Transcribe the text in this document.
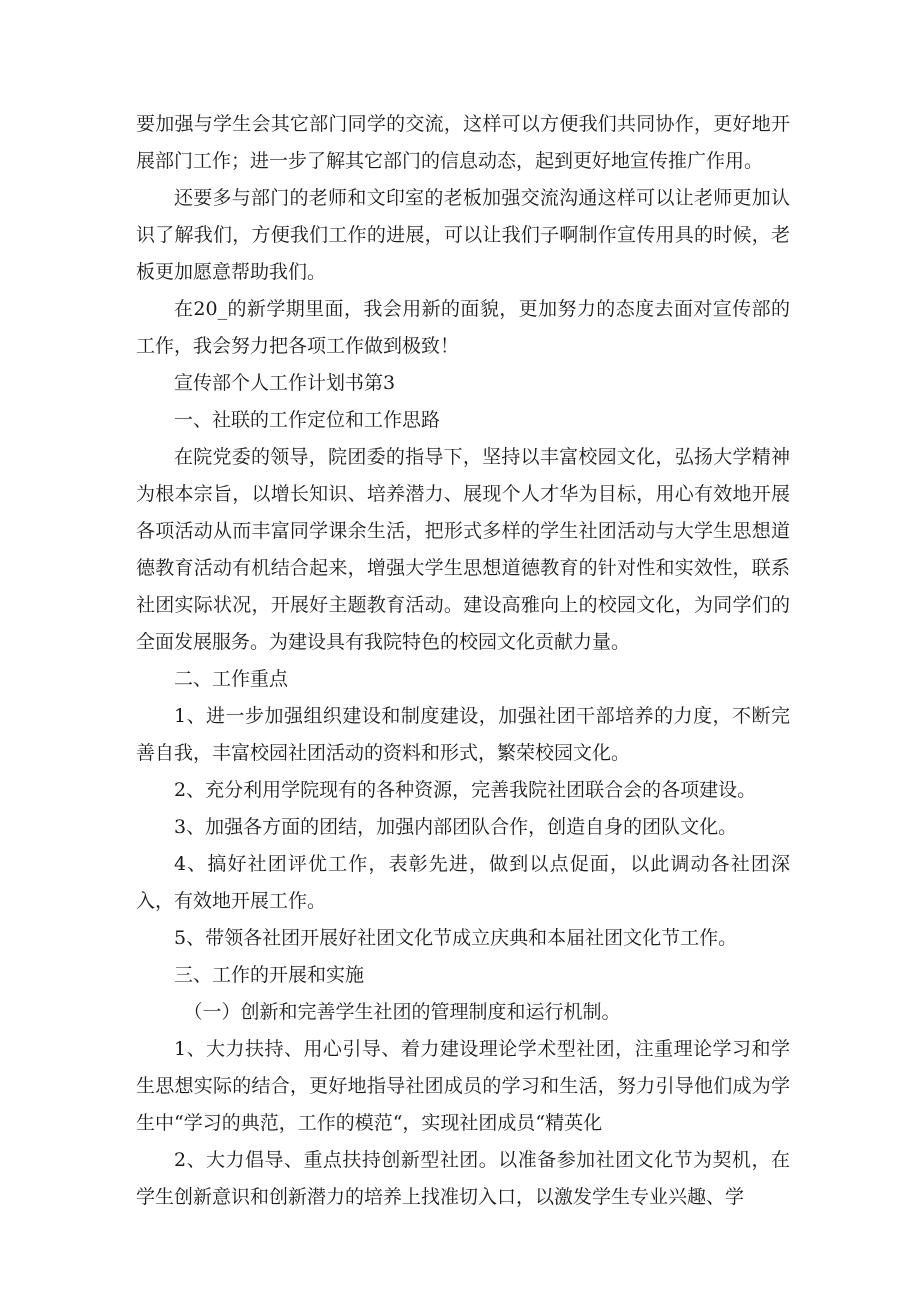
要加强与学生会其它部门同学的交流，这样可以方便我们共同协作，更好地开展部门工作；进一步了解其它部门的信息动态，起到更好地宣传推广作用。

还要多与部门的老师和文印室的老板加强交流沟通这样可以让老师更加认识了解我们，方便我们工作的进展，可以让我们子啊制作宣传用具的时候，老板更加愿意帮助我们。

在20_的新学期里面，我会用新的面貌，更加努力的态度去面对宣传部的工作，我会努力把各项工作做到极致！

宣传部个人工作计划书第3

一、社联的工作定位和工作思路

在院党委的领导，院团委的指导下，坚持以丰富校园文化，弘扬大学精神为根本宗旨，以增长知识、培养潜力、展现个人才华为目标，用心有效地开展各项活动从而丰富同学课余生活，把形式多样的学生社团活动与大学生思想道德教育活动有机结合起来，增强大学生思想道德教育的针对性和实效性，联系社团实际状况，开展好主题教育活动。建设高雅向上的校园文化，为同学们的全面发展服务。为建设具有我院特色的校园文化贡献力量。

二、工作重点

1、进一步加强组织建设和制度建设，加强社团干部培养的力度，不断完善自我，丰富校园社团活动的资料和形式，繁荣校园文化。

2、充分利用学院现有的各种资源，完善我院社团联合会的各项建设。

3、加强各方面的团结，加强内部团队合作，创造自身的团队文化。

4、搞好社团评优工作，表彰先进，做到以点促面，以此调动各社团深入，有效地开展工作。

5、带领各社团开展好社团文化节成立庆典和本届社团文化节工作。

三、工作的开展和实施

（一）创新和完善学生社团的管理制度和运行机制。

1、大力扶持、用心引导、着力建设理论学术型社团，注重理论学习和学生思想实际的结合，更好地指导社团成员的学习和生活，努力引导他们成为学生中“学习的典范，工作的模范“，实现社团成员“精英化

2、大力倡导、重点扶持创新型社团。以准备参加社团文化节为契机，在学生创新意识和创新潜力的培养上找准切入口，以激发学生专业兴趣、学
